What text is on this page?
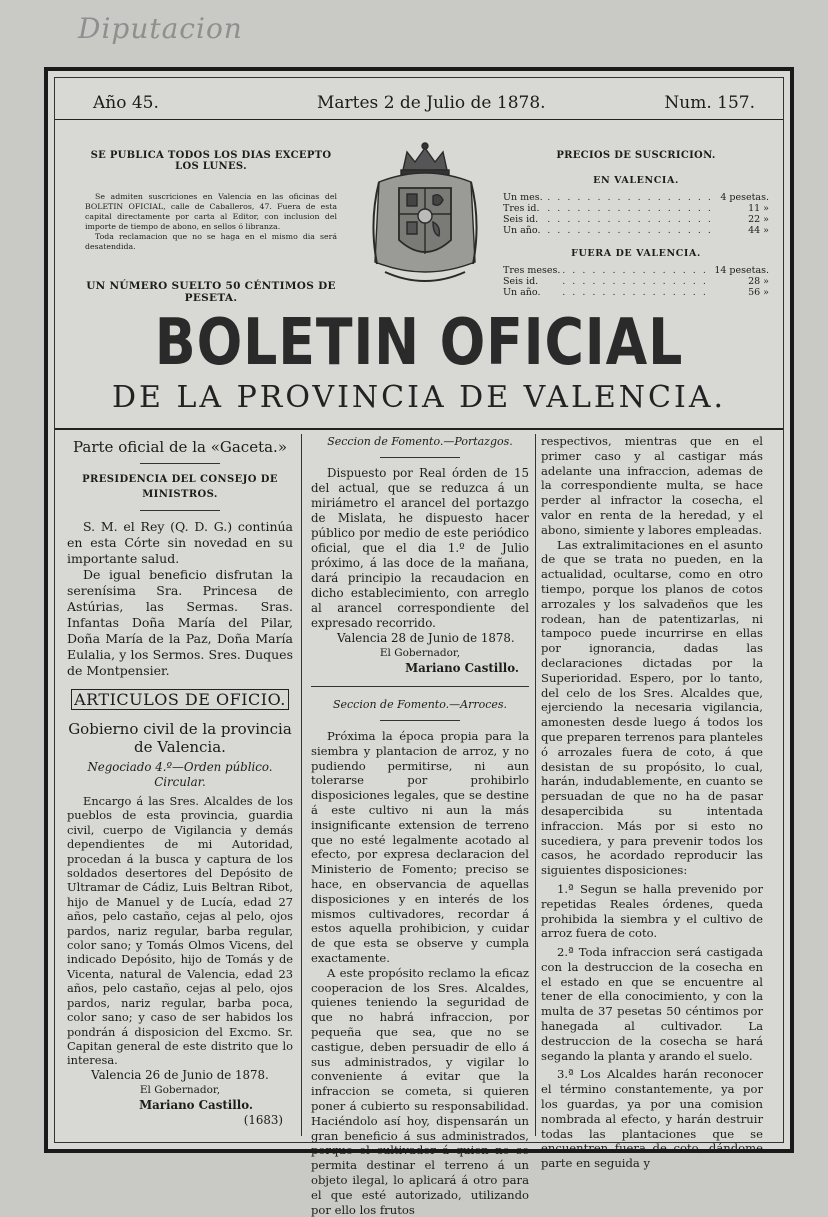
Diputacion
Año 45.	Martes 2 de Julio de 1878.	Num. 157.
SE PUBLICA TODOS LOS DIAS EXCEPTO LOS LUNES.
Se admiten suscriciones en Valencia en las oficinas del BOLETIN OFICIAL, calle de Caballeros, 47. Fuera de esta capital directamente por carta al Editor, con inclusion del importe de tiempo de abono, en sellos ó libranza.
Toda reclamacion que no se haga en el mismo dia será desatendida.
UN NÚMERO SUELTO 50 CÉNTIMOS DE PESETA.
PRECIOS DE SUSCRICION.
EN VALENCIA.
Un mes.	. . . . . . . . . . . . . . . . .	4 pesetas.
Tres id.	. . . . . . . . . . . . . . . . .	11 »
Seis id.	. . . . . . . . . . . . . . . . .	22 »
Un año.	. . . . . . . . . . . . . . . . .	44 »
FUERA DE VALENCIA.
Tres meses.	. . . . . . . . . . . . . . .	14 pesetas.
Seis id.	. . . . . . . . . . . . . . .	28 »
Un año.	. . . . . . . . . . . . . . .	56 »
BOLETIN OFICIAL
DE LA PROVINCIA DE VALENCIA.
Parte oficial de la «Gaceta.»
PRESIDENCIA DEL CONSEJO DE MINISTROS.
S. M. el Rey (Q. D. G.) continúa en esta Córte sin novedad en su importante salud.
De igual beneficio disfrutan la serenísima Sra. Princesa de Astúrias, las Sermas. Sras. Infantas Doña María del Pilar, Doña María de la Paz, Doña María Eulalia, y los Sermos. Sres. Duques de Montpensier.
ARTICULOS DE OFICIO.
Gobierno civil de la provincia de Valencia.
Negociado 4.º—Orden público.
Circular.
Encargo á las Sres. Alcaldes de los pueblos de esta provincia, guardia civil, cuerpo de Vigilancia y demás dependientes de mi Autoridad, procedan á la busca y captura de los soldados desertores del Depósito de Ultramar de Cádiz, Luis Beltran Ribot, hijo de Manuel y de Lucía, edad 27 años, pelo castaño, cejas al pelo, ojos pardos, nariz regular, barba regular, color sano; y Tomás Olmos Vicens, del indicado Depósito, hijo de Tomás y de Vicenta, natural de Valencia, edad 23 años, pelo castaño, cejas al pelo, ojos pardos, nariz regular, barba poca, color sano; y caso de ser habidos los pondrán á disposicion del Excmo. Sr. Capitan general de este distrito que lo interesa.
Valencia 26 de Junio de 1878.
El Gobernador,
Mariano Castillo.
(1683)
Seccion de Fomento.—Portazgos.
Dispuesto por Real órden de 15 del actual, que se reduzca á un miriámetro el arancel del portazgo de Mislata, he dispuesto hacer público por medio de este periódico oficial, que el dia 1.º de Julio próximo, á las doce de la mañana, dará principio la recaudacion en dicho establecimiento, con arreglo al arancel correspondiente del expresado recorrido.
Valencia 28 de Junio de 1878.
El Gobernador,
Mariano Castillo.
Seccion de Fomento.—Arroces.
Próxima la época propia para la siembra y plantacion de arroz, y no pudiendo permitirse, ni aun tolerarse por prohibirlo disposiciones legales, que se destine á este cultivo ni aun la más insignificante extension de terreno que no esté legalmente acotado al efecto, por expresa declaracion del Ministerio de Fomento; preciso se hace, en observancia de aquellas disposiciones y en interés de los mismos cultivadores, recordar á estos aquella prohibicion, y cuidar de que esta se observe y cumpla exactamente.
A este propósito reclamo la eficaz cooperacion de los Sres. Alcaldes, quienes teniendo la seguridad de que no habrá infraccion, por pequeña que sea, que no se castigue, deben persuadir de ello á sus administrados, y vigilar lo conveniente á evitar que la infraccion se cometa, si quieren poner á cubierto su responsabilidad. Haciéndolo así hoy, dispensarán un gran beneficio á sus administrados, porque el cultivador á quien no se permita destinar el terreno á un objeto ilegal, lo aplicará á otro para el que esté autorizado, utilizando por ello los frutos
respectivos, mientras que en el primer caso y al castigar más adelante una infraccion, ademas de la correspondiente multa, se hace perder al infractor la cosecha, el valor en renta de la heredad, y el abono, simiente y labores empleadas.
Las extralimitaciones en el asunto de que se trata no pueden, en la actualidad, ocultarse, como en otro tiempo, porque los planos de cotos arrozales y los salvadeños que les rodean, han de patentizarlas, ni tampoco puede incurrirse en ellas por ignorancia, dadas las declaraciones dictadas por la Superioridad. Espero, por lo tanto, del celo de los Sres. Alcaldes que, ejerciendo la necesaria vigilancia, amonesten desde luego á todos los que preparen terrenos para planteles ó arrozales fuera de coto, á que desistan de su propósito, lo cual, harán, indudablemente, en cuanto se persuadan de que no ha de pasar desapercibida su intentada infraccion. Más por si esto no sucediera, y para prevenir todos los casos, he acordado reproducir las siguientes disposiciones:
1.ª Segun se halla prevenido por repetidas Reales órdenes, queda prohibida la siembra y el cultivo de arroz fuera de coto.
2.ª Toda infraccion será castigada con la destruccion de la cosecha en el estado en que se encuentre al tener de ella conocimiento, y con la multa de 37 pesetas 50 céntimos por hanegada al cultivador. La destruccion de la cosecha se hará segando la planta y arando el suelo.
3.ª Los Alcaldes harán reconocer el término constantemente, ya por los guardas, ya por una comision nombrada al efecto, y harán destruir todas las plantaciones que se encuentren fuera de coto, dándome parte en seguida y
